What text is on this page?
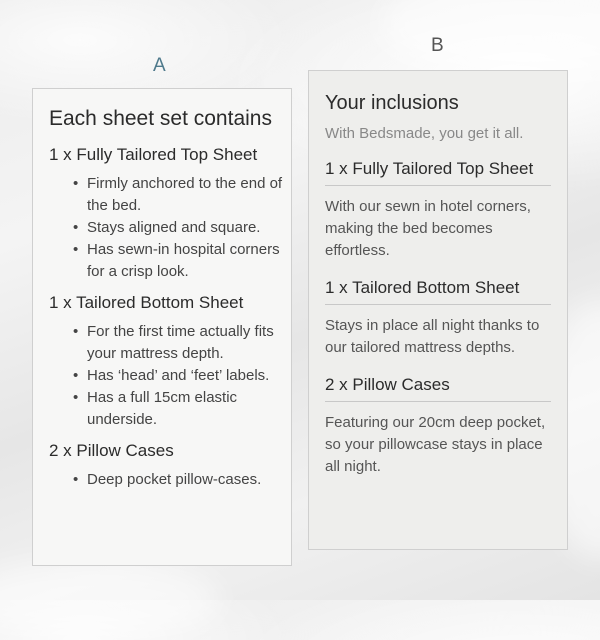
A
B
Each sheet set contains
1 x Fully Tailored Top Sheet
• Firmly anchored to the end of the bed.
• Stays aligned and square.
• Has sewn-in hospital corners for a crisp look.
1 x Tailored Bottom Sheet
• For the first time actually fits your mattress depth.
• Has ‘head’ and ‘feet’ labels.
• Has a full 15cm elastic underside.
2 x Pillow Cases
• Deep pocket pillow-cases.
Your inclusions
With Bedsmade, you get it all.
1 x Fully Tailored Top Sheet
With our sewn in hotel corners, making the bed becomes effortless.
1 x Tailored Bottom Sheet
Stays in place all night thanks to our tailored mattress depths.
2 x Pillow Cases
Featuring our 20cm deep pocket, so your pillowcase stays in place all night.
